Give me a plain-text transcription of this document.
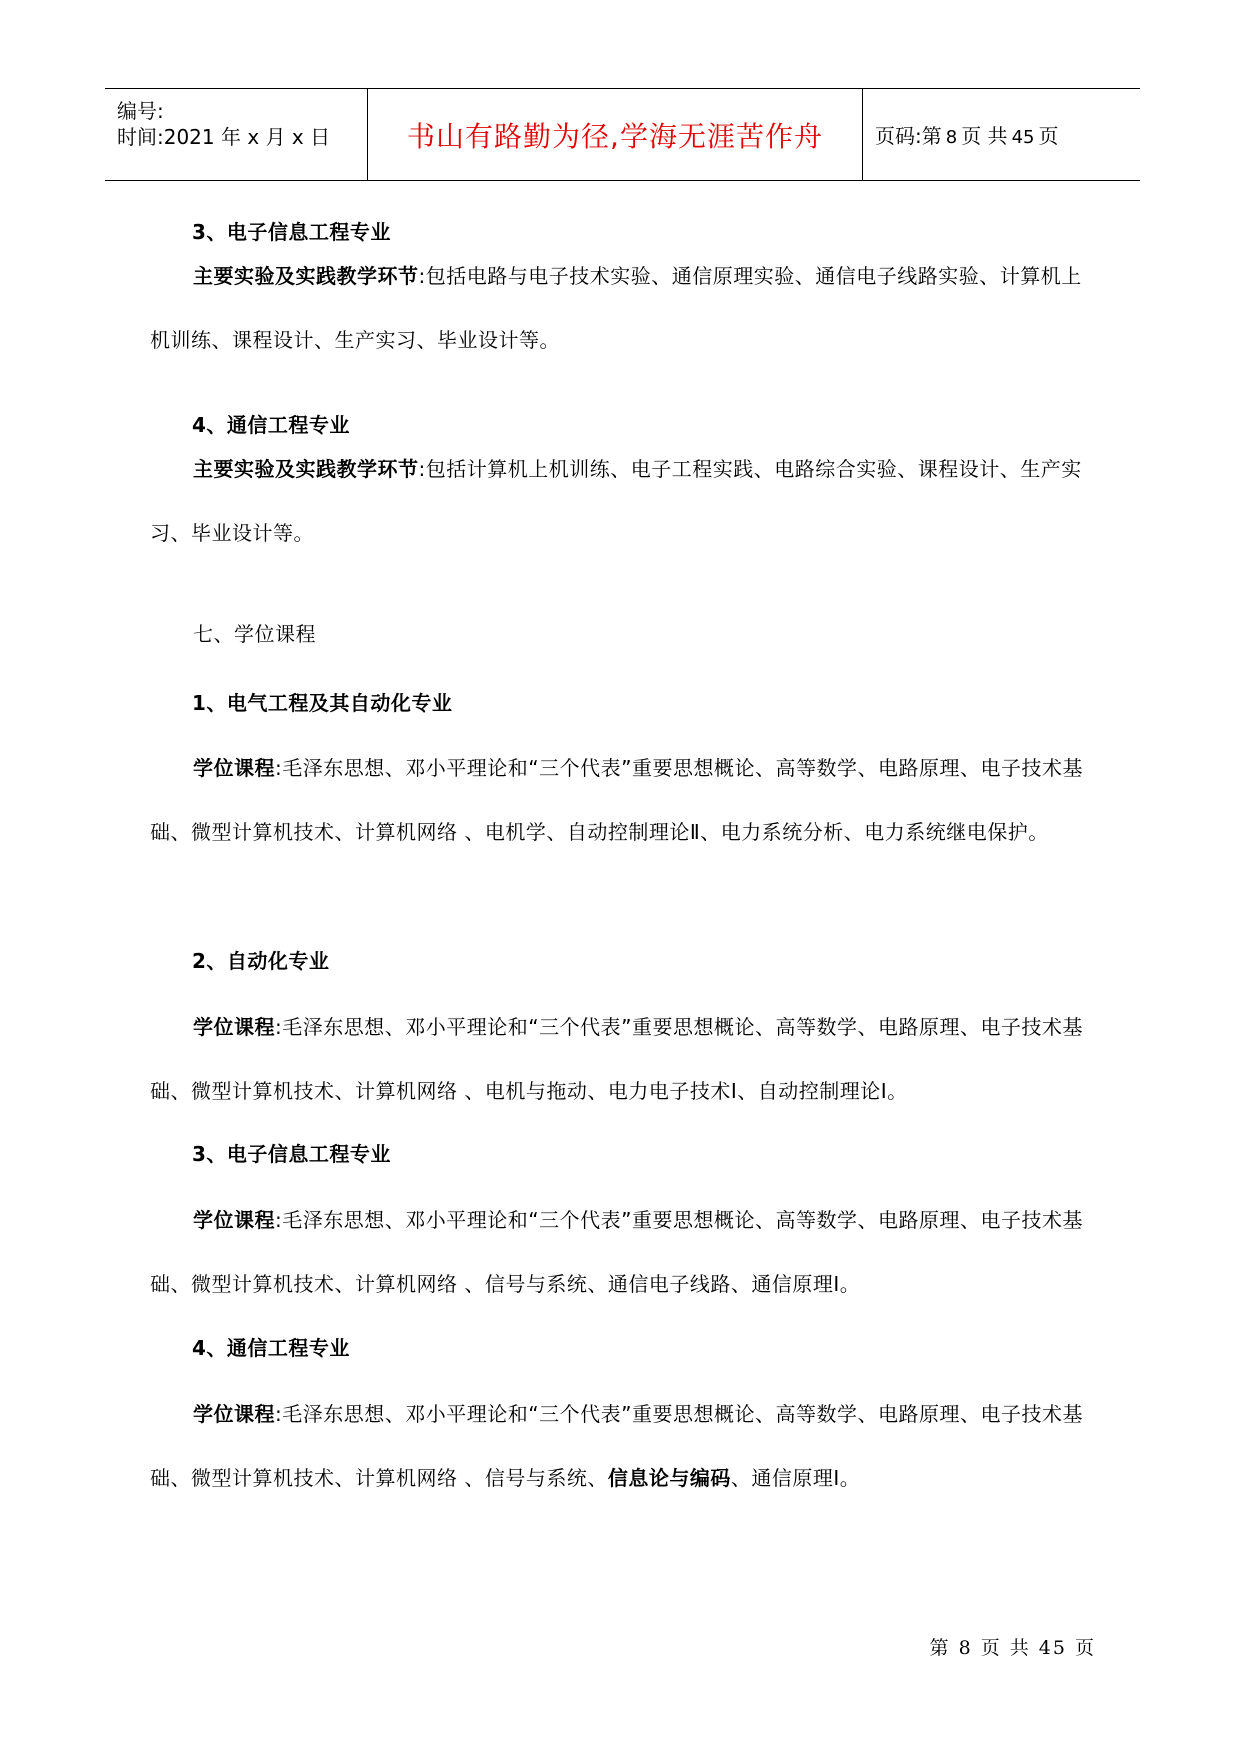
编号:
时间:2021 年 x 月 x 日	书山有路勤为径,学海无涯苦作舟	页码:第 8 页 共 45 页
3、电子信息工程专业
主要实验及实践教学环节:包括电路与电子技术实验、通信原理实验、通信电子线路实验、计算机上机训练、课程设计、生产实习、毕业设计等。
4、通信工程专业
主要实验及实践教学环节:包括计算机上机训练、电子工程实践、电路综合实验、课程设计、生产实习、毕业设计等。
七、学位课程
1、电气工程及其自动化专业
学位课程:毛泽东思想、邓小平理论和“三个代表”重要思想概论、高等数学、电路原理、电子技术基础、微型计算机技术、计算机网络 、电机学、自动控制理论Ⅱ、电力系统分析、电力系统继电保护。
2、自动化专业
学位课程:毛泽东思想、邓小平理论和“三个代表”重要思想概论、高等数学、电路原理、电子技术基础、微型计算机技术、计算机网络 、电机与拖动、电力电子技术Ⅰ、自动控制理论Ⅰ。
3、电子信息工程专业
学位课程:毛泽东思想、邓小平理论和“三个代表”重要思想概论、高等数学、电路原理、电子技术基础、微型计算机技术、计算机网络 、信号与系统、通信电子线路、通信原理Ⅰ。
4、通信工程专业
学位课程:毛泽东思想、邓小平理论和“三个代表”重要思想概论、高等数学、电路原理、电子技术基础、微型计算机技术、计算机网络 、信号与系统、信息论与编码、通信原理Ⅰ。
第 8 页 共 45 页
